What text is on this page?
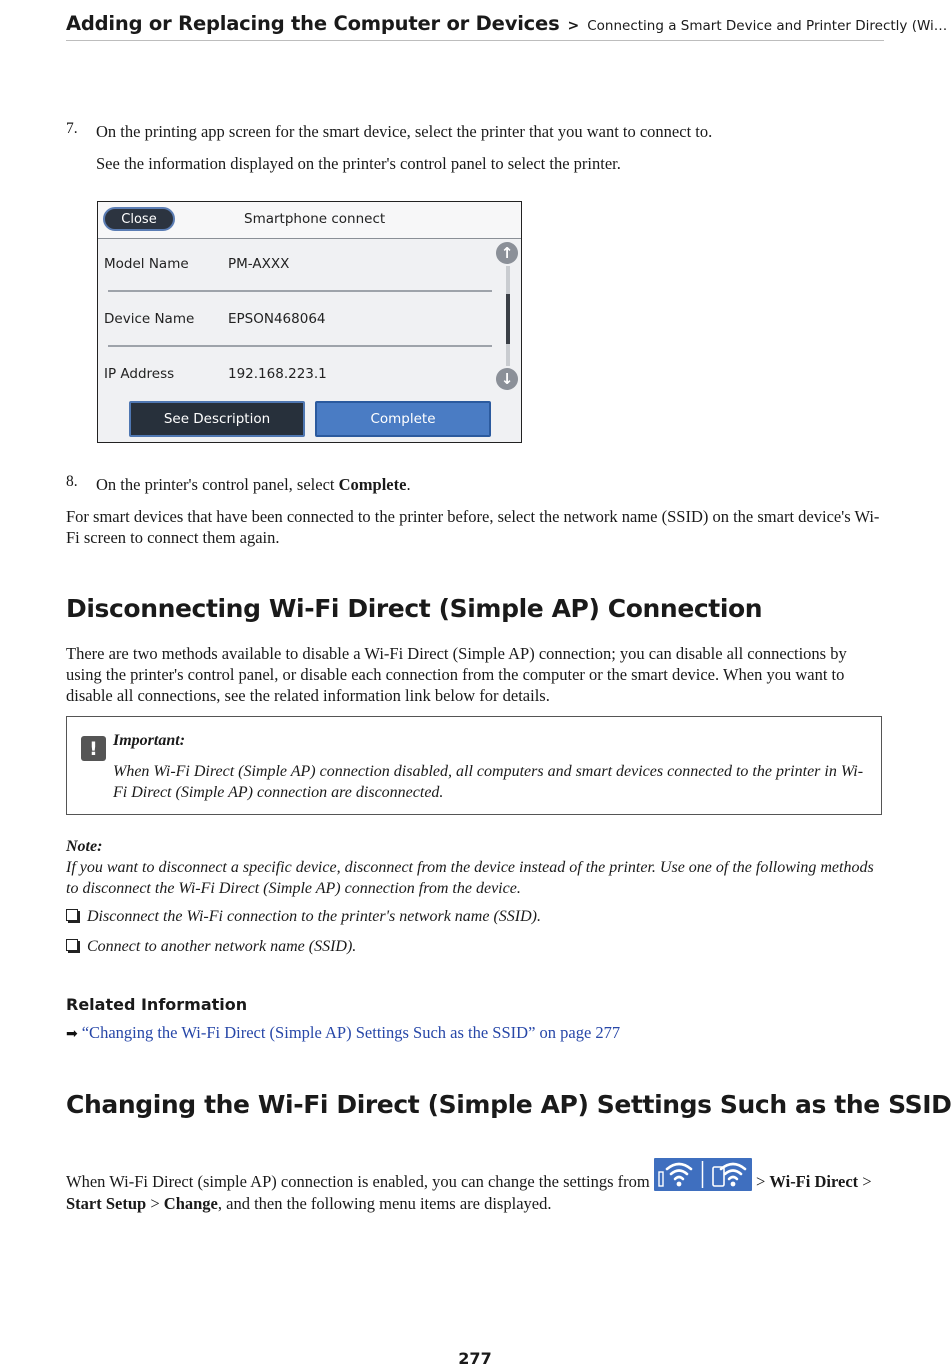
Adding or Replacing the Computer or Devices > Connecting a Smart Device and Printer Directly (Wi…
7. On the printing app screen for the smart device, select the printer that you want to connect to.
See the information displayed on the printer's control panel to select the printer.
Close	Smartphone connect
Model Name	PM-AXXX
Device Name EPSON468064
IP Address	192.168.223.1
↑
↓
See Description	Complete
8. On the printer's control panel, select Complete.
For smart devices that have been connected to the printer before, select the network name (SSID) on the smart device's Wi-Fi screen to connect them again.
Disconnecting Wi-Fi Direct (Simple AP) Connection
There are two methods available to disable a Wi-Fi Direct (Simple AP) connection; you can disable all connections by using the printer's control panel, or disable each connection from the computer or the smart device. When you want to disable all connections, see the related information link below for details.
! Important:
When Wi-Fi Direct (Simple AP) connection disabled, all computers and smart devices connected to the printer in Wi-Fi Direct (Simple AP) connection are disconnected.
Note:
If you want to disconnect a specific device, disconnect from the device instead of the printer. Use one of the following methods to disconnect the Wi-Fi Direct (Simple AP) connection from the device.
Disconnect the Wi-Fi connection to the printer's network name (SSID).
Connect to another network name (SSID).
Related Information
➡ “Changing the Wi-Fi Direct (Simple AP) Settings Such as the SSID” on page 277
Changing the Wi-Fi Direct (Simple AP) Settings Such as the SSID
When Wi-Fi Direct (simple AP) connection is enabled, you can change the settings from	> Wi-Fi Direct > Start Setup > Change, and then the following menu items are displayed.
277
